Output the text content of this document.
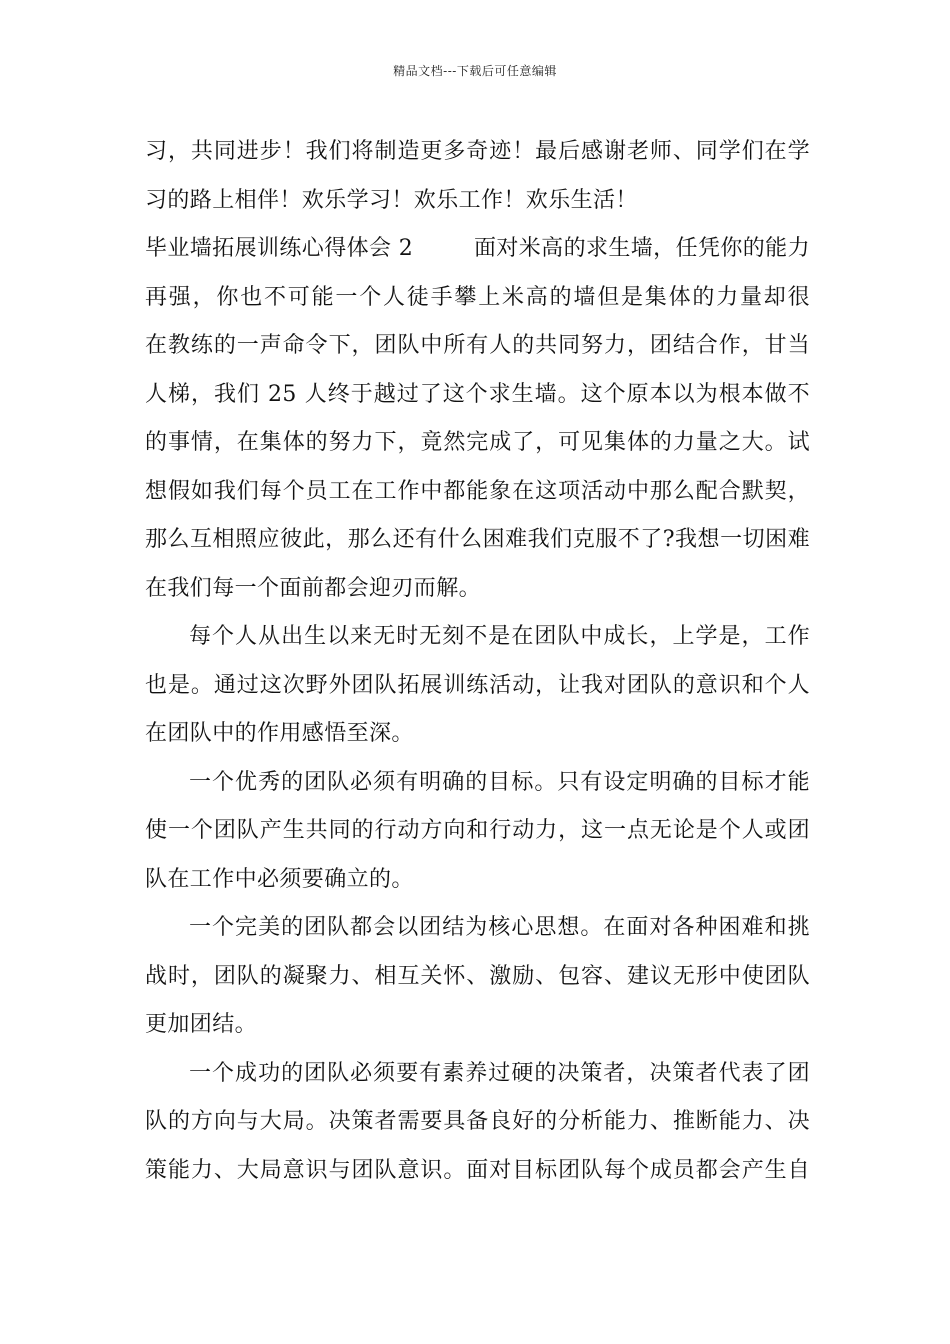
精品文档---下载后可任意编辑
习，共同进步！我们将制造更多奇迹！最后感谢老师、同学们在学
习的路上相伴！欢乐学习！欢乐工作！欢乐生活！
毕业墙拓展训练心得体会 2	面对米高的求生墙，任凭你的能力
再强，你也不可能一个人徒手攀上米高的墙但是集体的力量却很
在教练的一声命令下，团队中所有人的共同努力，团结合作，甘当
人梯，我们 25 人终于越过了这个求生墙。这个原本以为根本做不
的事情，在集体的努力下，竟然完成了，可见集体的力量之大。试
想假如我们每个员工在工作中都能象在这项活动中那么配合默契，
那么互相照应彼此，那么还有什么困难我们克服不了?我想一切困难
在我们每一个面前都会迎刃而解。
每个人从出生以来无时无刻不是在团队中成长，上学是，工作
也是。通过这次野外团队拓展训练活动，让我对团队的意识和个人
在团队中的作用感悟至深。
一个优秀的团队必须有明确的目标。只有设定明确的目标才能
使一个团队产生共同的行动方向和行动力，这一点无论是个人或团
队在工作中必须要确立的。
一个完美的团队都会以团结为核心思想。在面对各种困难和挑
战时，团队的凝聚力、相互关怀、激励、包容、建议无形中使团队
更加团结。
一个成功的团队必须要有素养过硬的决策者，决策者代表了团
队的方向与大局。决策者需要具备良好的分析能力、推断能力、决
策能力、大局意识与团队意识。面对目标团队每个成员都会产生自
